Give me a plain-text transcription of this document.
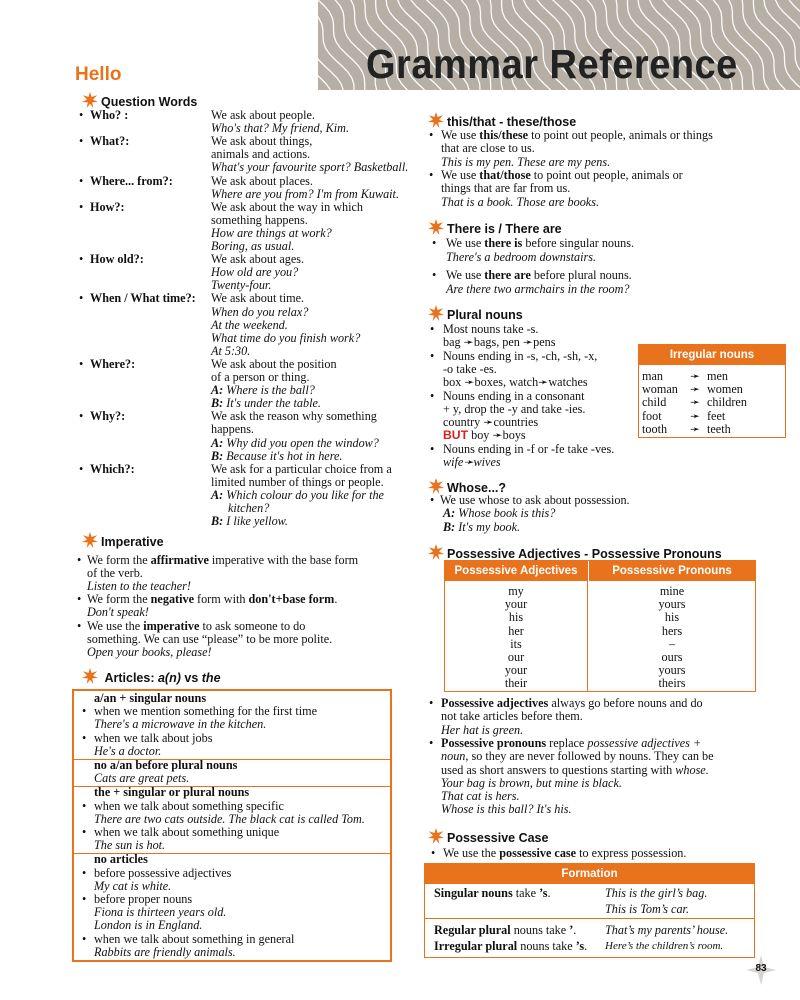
Grammar Reference
Hello
Question Words
• Who? :	We ask about people.
Who's that? My friend, Kim.
• What?:	We ask about things,
animals and actions.
What's your favourite sport? Basketball.
• Where... from?:	We ask about places.
Where are you from? I'm from Kuwait.
• How?:	We ask about the way in which
something happens.
How are things at work?
Boring, as usual.
• How old?:	We ask about ages.
How old are you?
Twenty-four.
• When / What time?: We ask about time.
When do you relax?
At the weekend.
What time do you finish work?
At 5:30.
• Where?:	We ask about the position
of a person or thing.
A: Where is the ball?
B: It's under the table.
• Why?:	We ask the reason why something
happens.
A: Why did you open the window?
B: Because it's hot in here.
• Which?:	We ask for a particular choice from a
limited number of things or people.
A: Which colour do you like for the
kitchen?
B: I like yellow.
Imperative
• We form the affirmative imperative with the base form
of the verb.
Listen to the teacher!
• We form the negative form with don't+base form.
Don't speak!
• We use the imperative to ask someone to do
something. We can use “please” to be more polite.
Open your books, please!
Articles: a(n) vs the
a/an + singular nouns
• when we mention something for the first time
There's a microwave in the kitchen.
• when we talk about jobs
He's a doctor.
no a/an before plural nouns
Cats are great pets.
the + singular or plural nouns
• when we talk about something specific
There are two cats outside. The black cat is called Tom.
• when we talk about something unique
The sun is hot.
no articles
• before possessive adjectives
My cat is white.
• before proper nouns
Fiona is thirteen years old.
London is in England.
• when we talk about something in general
Rabbits are friendly animals.
this/that - these/those
• We use this/these to point out people, animals or things
that are close to us.
This is my pen. These are my pens.
• We use that/those to point out people, animals or
things that are far from us.
That is a book. Those are books.
There is / There are
• We use there is before singular nouns.
There's a bedroom downstairs.
• We use there are before plural nouns.
Are there two armchairs in the room?
Plural nouns
• Most nouns take -s.
bag ➛bags, pen ➛pens
• Nouns ending in -s, -ch, -sh, -x,
-o take -es.
box ➛boxes, watch➛watches
• Nouns ending in a consonant
+ y, drop the -y and take -ies.
country ➛countries
BUT boy ➛boys
• Nouns ending in -f or -fe take -ves.
wife➛wives
Irregular nouns
man ➛ men
woman ➛ women
child ➛ children
foot ➛ feet
tooth ➛ teeth
Whose...?
• We use whose to ask about possession.
A: Whose book is this?
B: It's my book.
Possessive Adjectives - Possessive Pronouns
Possessive Adjectives	Possessive Pronouns
my	mine
your	yours
his	his
her	hers
its	–
our	ours
your	yours
their	theirs
• Possessive adjectives always go before nouns and do
not take articles before them.
Her hat is green.
• Possessive pronouns replace possessive adjectives +
noun, so they are never followed by nouns. They can be
used as short answers to questions starting with whose.
Your bag is brown, but mine is black.
That cat is hers.
Whose is this ball? It's his.
Possessive Case
• We use the possessive case to express possession.
Formation
Singular nouns take ’s.	This is the girl’s bag.
This is Tom’s car.
Regular plural nouns take ’. That’s my parents’ house.
Irregular plural nouns take ’s. Here’s the children’s room.
83
